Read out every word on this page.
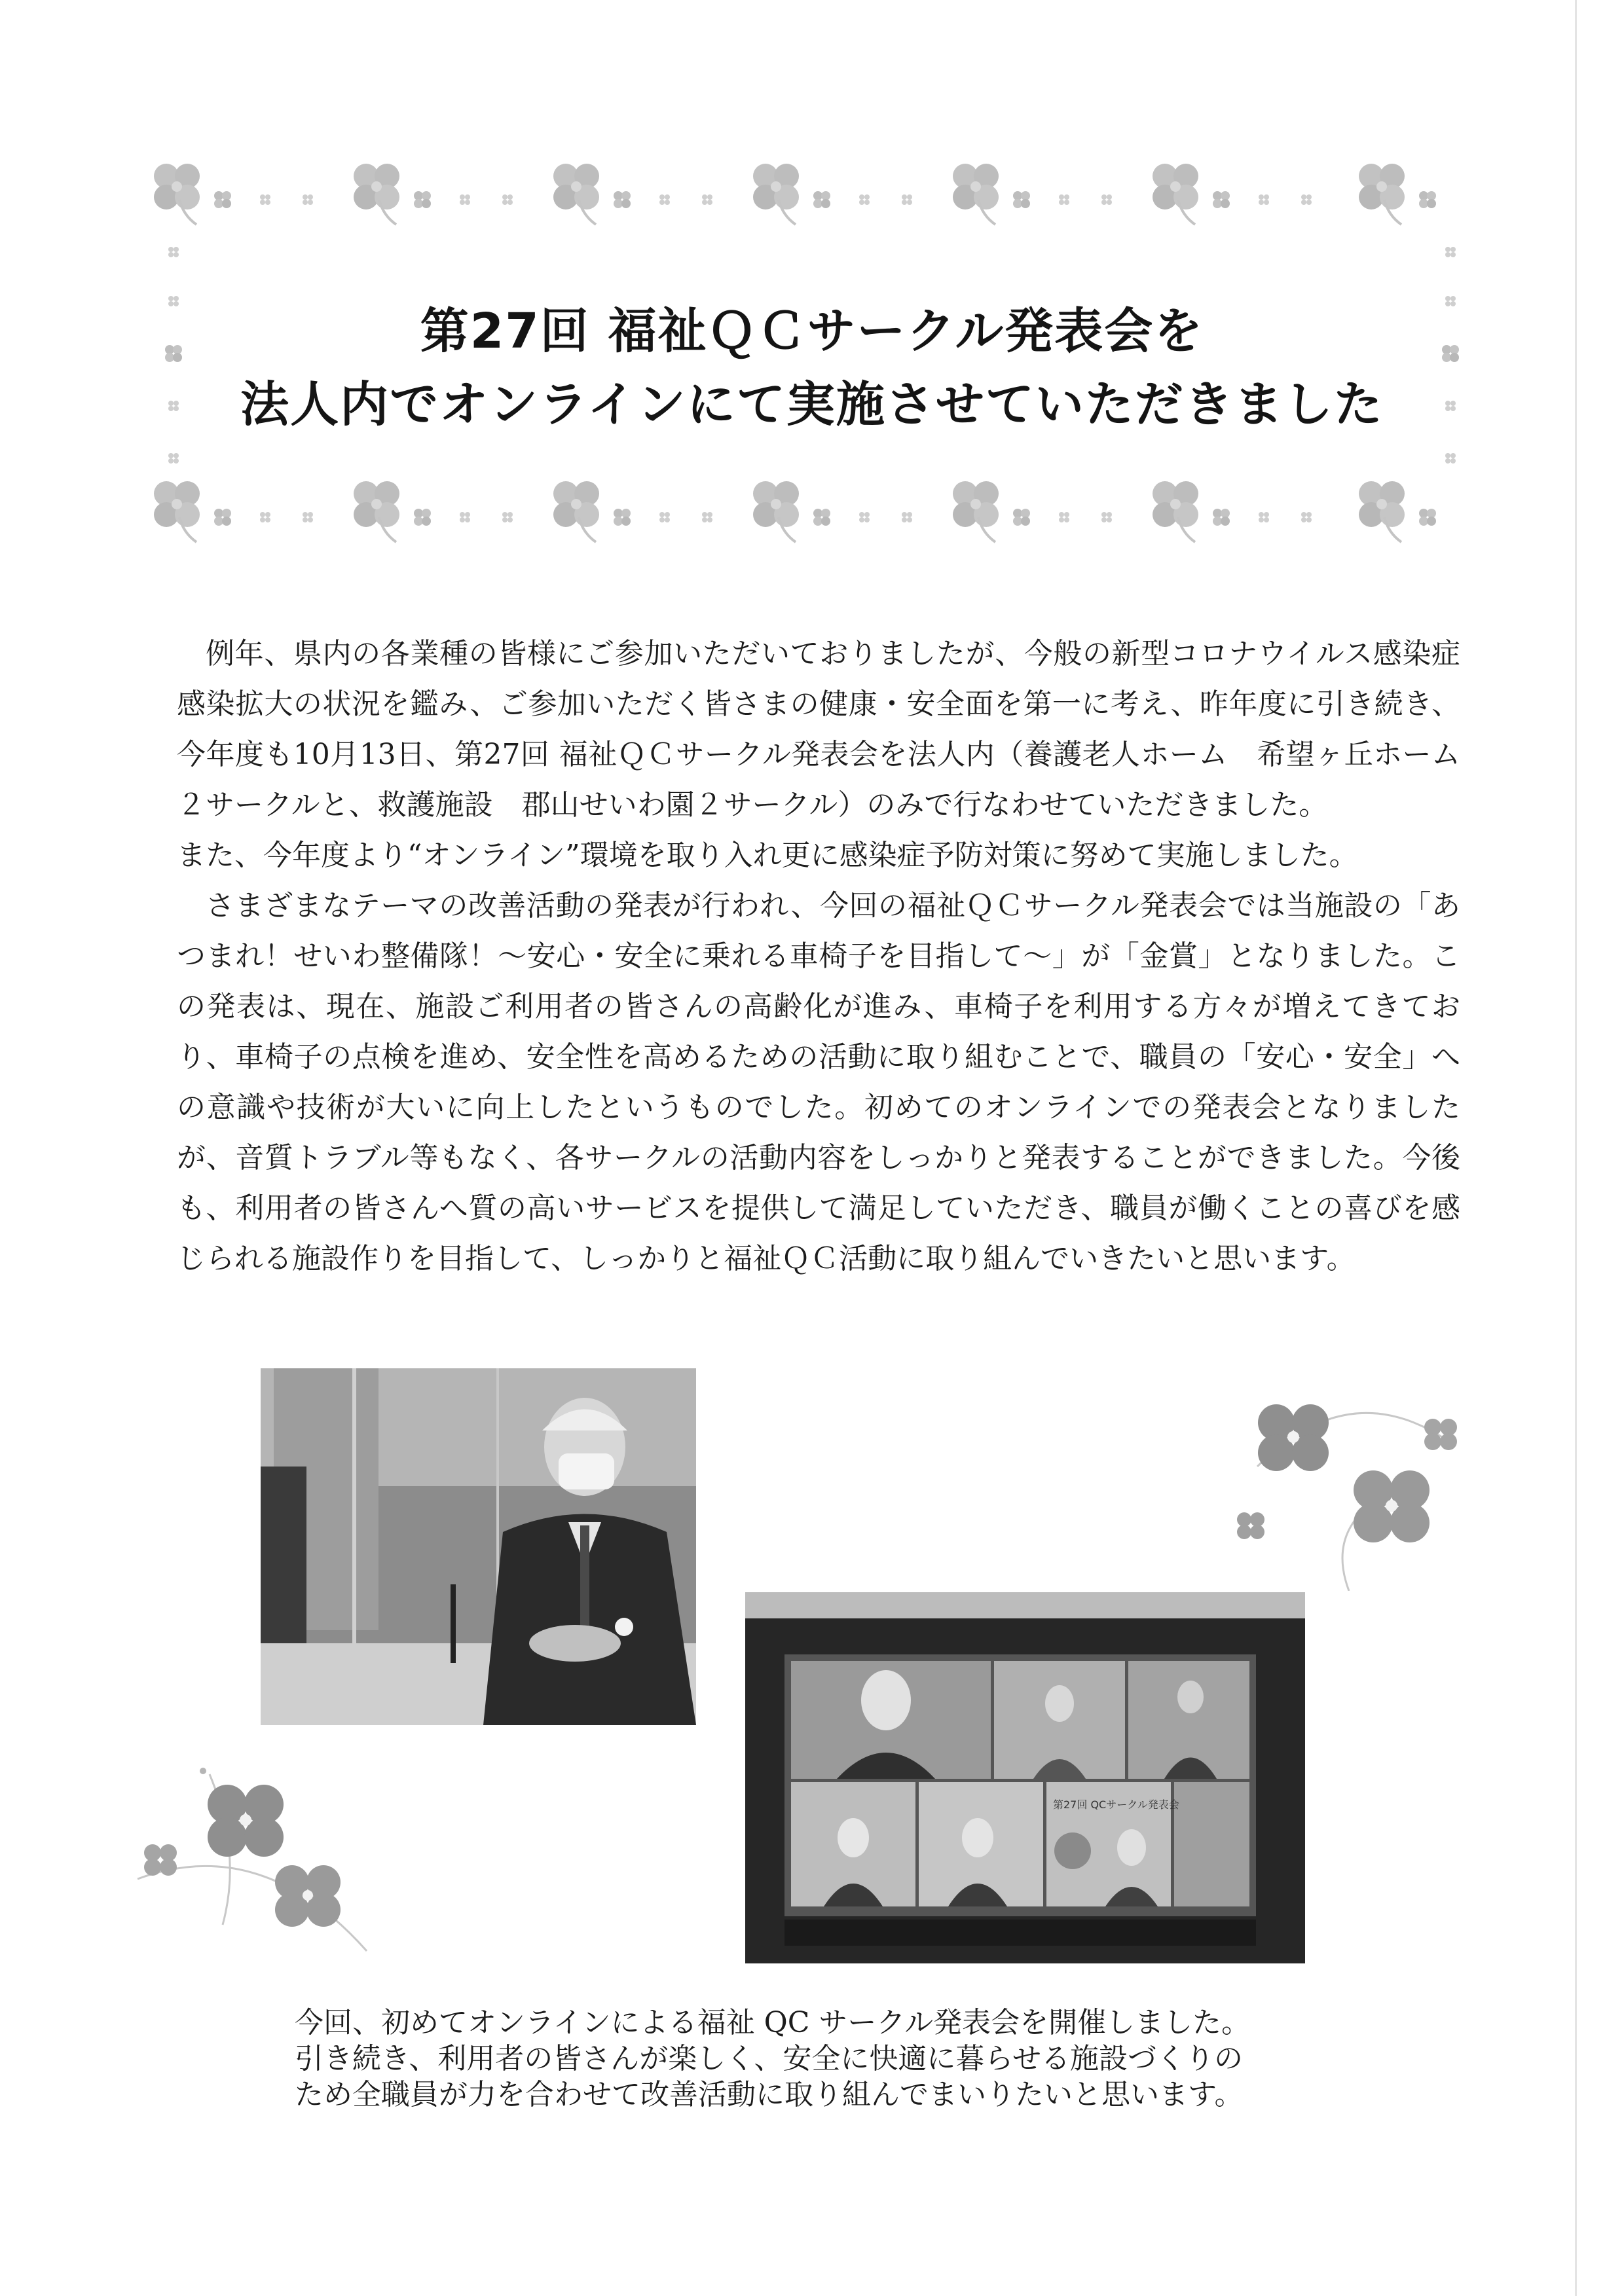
第27回 福祉ＱＣサークル発表会を
法人内でオンラインにて実施させていただきました

例年、県内の各業種の皆様にご参加いただいておりましたが、今般の新型コロナウイルス感染症感染拡大の状況を鑑み、ご参加いただく皆さまの健康・安全面を第一に考え、昨年度に引き続き、今年度も10月13日、第27回 福祉ＱＣサークル発表会を法人内（養護老人ホーム　希望ヶ丘ホーム２サークルと、救護施設　郡山せいわ園２サークル）のみで行なわせていただきました。

また、今年度より“オンライン”環境を取り入れ更に感染症予防対策に努めて実施しました。

さまざまなテーマの改善活動の発表が行われ、今回の福祉ＱＣサークル発表会では当施設の「あつまれ！せいわ整備隊！～安心・安全に乗れる車椅子を目指して～」が「金賞」となりました。この発表は、現在、施設ご利用者の皆さんの高齢化が進み、車椅子を利用する方々が増えてきており、車椅子の点検を進め、安全性を高めるための活動に取り組むことで、職員の「安心・安全」への意識や技術が大いに向上したというものでした。初めてのオンラインでの発表会となりましたが、音質トラブル等もなく、各サークルの活動内容をしっかりと発表することができました。今後も、利用者の皆さんへ質の高いサービスを提供して満足していただき、職員が働くことの喜びを感じられる施設作りを目指して、しっかりと福祉ＱＣ活動に取り組んでいきたいと思います。

第27回 QCサークル発表会
今回、初めてオンラインによる福祉 QC サークル発表会を開催しました。
引き続き、利用者の皆さんが楽しく、安全に快適に暮らせる施設づくりの
ため全職員が力を合わせて改善活動に取り組んでまいりたいと思います。
